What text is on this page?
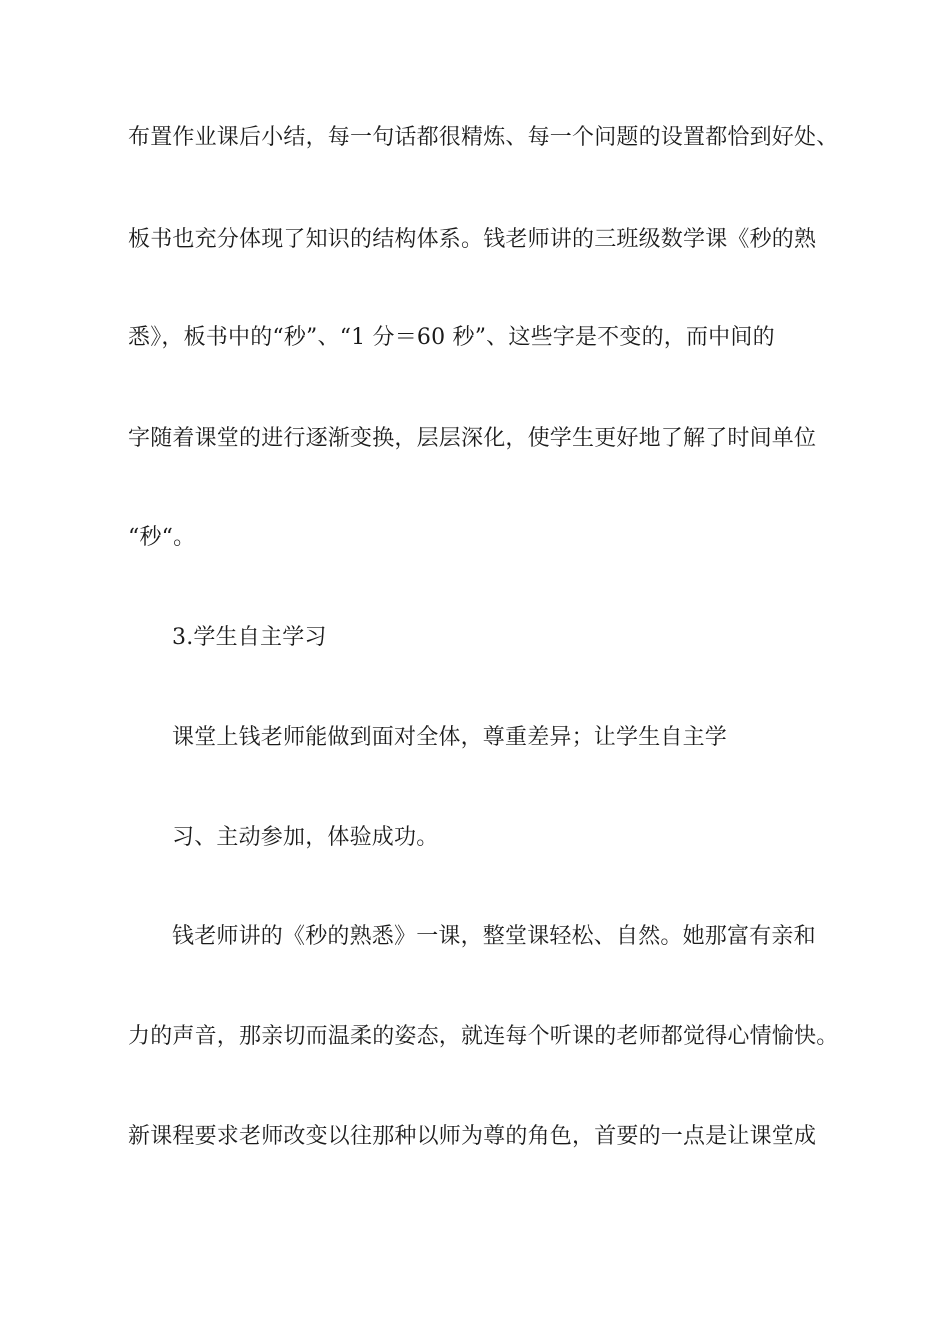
布置作业课后小结，每一句话都很精炼、每一个问题的设置都恰到好处、
板书也充分体现了知识的结构体系。钱老师讲的三班级数学课《秒的熟
悉》，板书中的“秒”、“1 分＝60 秒”、这些字是不变的，而中间的
字随着课堂的进行逐渐变换，层层深化，使学生更好地了解了时间单位
“秒“。
3.学生自主学习
课堂上钱老师能做到面对全体，尊重差异；让学生自主学
习、主动参加，体验成功。
钱老师讲的《秒的熟悉》一课，整堂课轻松、自然。她那富有亲和
力的声音，那亲切而温柔的姿态，就连每个听课的老师都觉得心情愉快。
新课程要求老师改变以往那种以师为尊的角色，首要的一点是让课堂成
